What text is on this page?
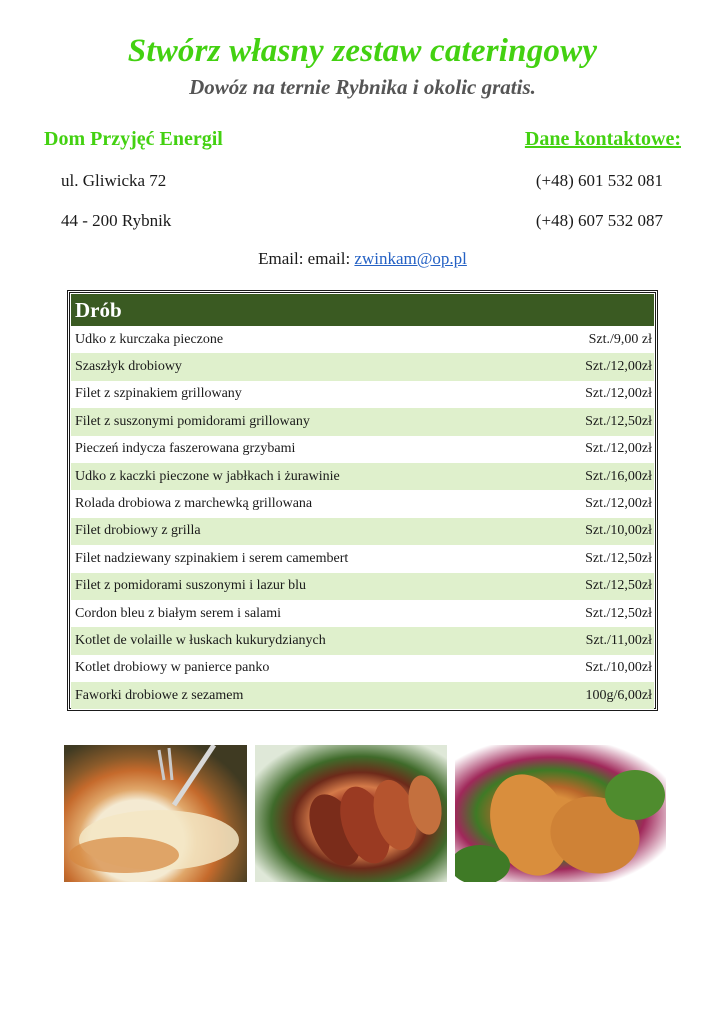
Stwórz własny zestaw cateringowy
Dowóz na ternie Rybnika i okolic gratis.
Dom Przyjęć Energil	Dane kontaktowe:
ul. Gliwicka 72	(+48) 601 532 081
44 - 200 Rybnik	(+48) 607 532 087
Email: email: zwinkam@op.pl
Drób
Udko z kurczaka pieczone	Szt./9,00 zł
Szaszłyk drobiowy	Szt./12,00zł
Filet z szpinakiem grillowany	Szt./12,00zł
Filet z suszonymi pomidorami grillowany	Szt./12,50zł
Pieczeń indycza faszerowana grzybami	Szt./12,00zł
Udko z kaczki pieczone w jabłkach i żurawinie	Szt./16,00zł
Rolada drobiowa z marchewką grillowana	Szt./12,00zł
Filet drobiowy z grilla	Szt./10,00zł
Filet nadziewany szpinakiem i serem camembert	Szt./12,50zł
Filet z pomidorami suszonymi i lazur blu	Szt./12,50zł
Cordon bleu z białym serem i salami	Szt./12,50zł
Kotlet de volaille w łuskach kukurydzianych	Szt./11,00zł
Kotlet drobiowy w panierce panko	Szt./10,00zł
Faworki drobiowe z sezamem	100g/6,00zł
